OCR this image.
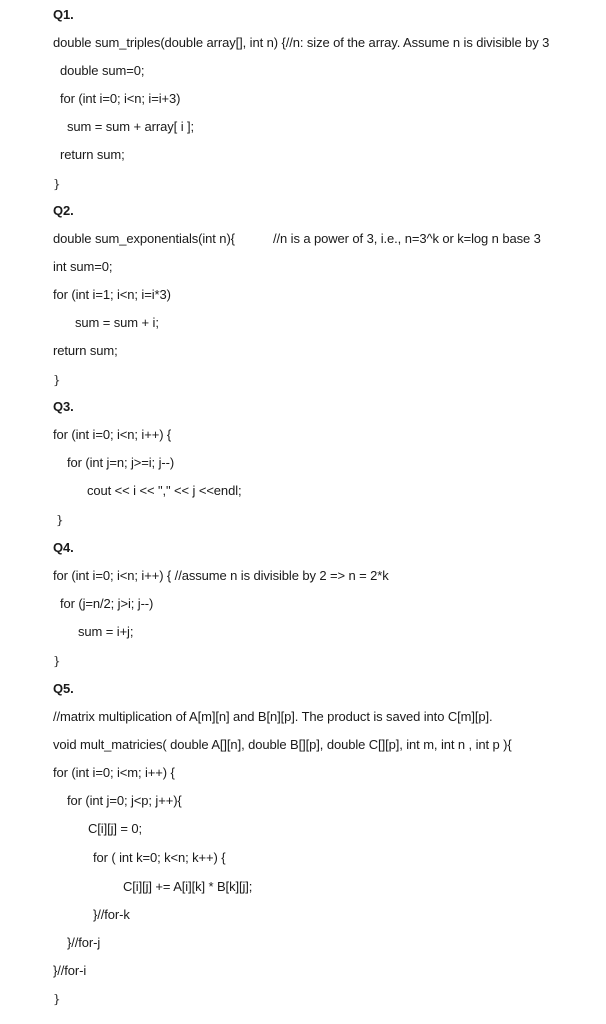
Q1.
double sum_triples(double array[], int n) {//n: size of the array. Assume n is divisible by 3
double sum=0;
for (int i=0; i<n; i=i+3)
sum = sum + array[ i ];
return sum;
}
Q2.
double sum_exponentials(int n){	//n is a power of 3, i.e., n=3^k or k=log n base 3
int sum=0;
for (int i=1; i<n; i=i*3)
sum = sum + i;
return sum;
}
Q3.
for (int i=0; i<n; i++) {
for (int j=n; j>=i; j--)
cout << i << "," << j <<endl;
}
Q4.
for (int i=0; i<n; i++) { //assume n is divisible by 2 => n = 2*k
for (j=n/2; j>i; j--)
sum = i+j;
}
Q5.
//matrix multiplication of A[m][n] and B[n][p]. The product is saved into C[m][p].
void mult_matricies( double A[][n], double B[][p], double C[][p], int m, int n , int p ){
for (int i=0; i<m; i++) {
for (int j=0; j<p; j++){
C[i][j] = 0;
for ( int k=0; k<n; k++) {
C[i][j] += A[i][k] * B[k][j];
}//for-k
}//for-j
}//for-i
}
